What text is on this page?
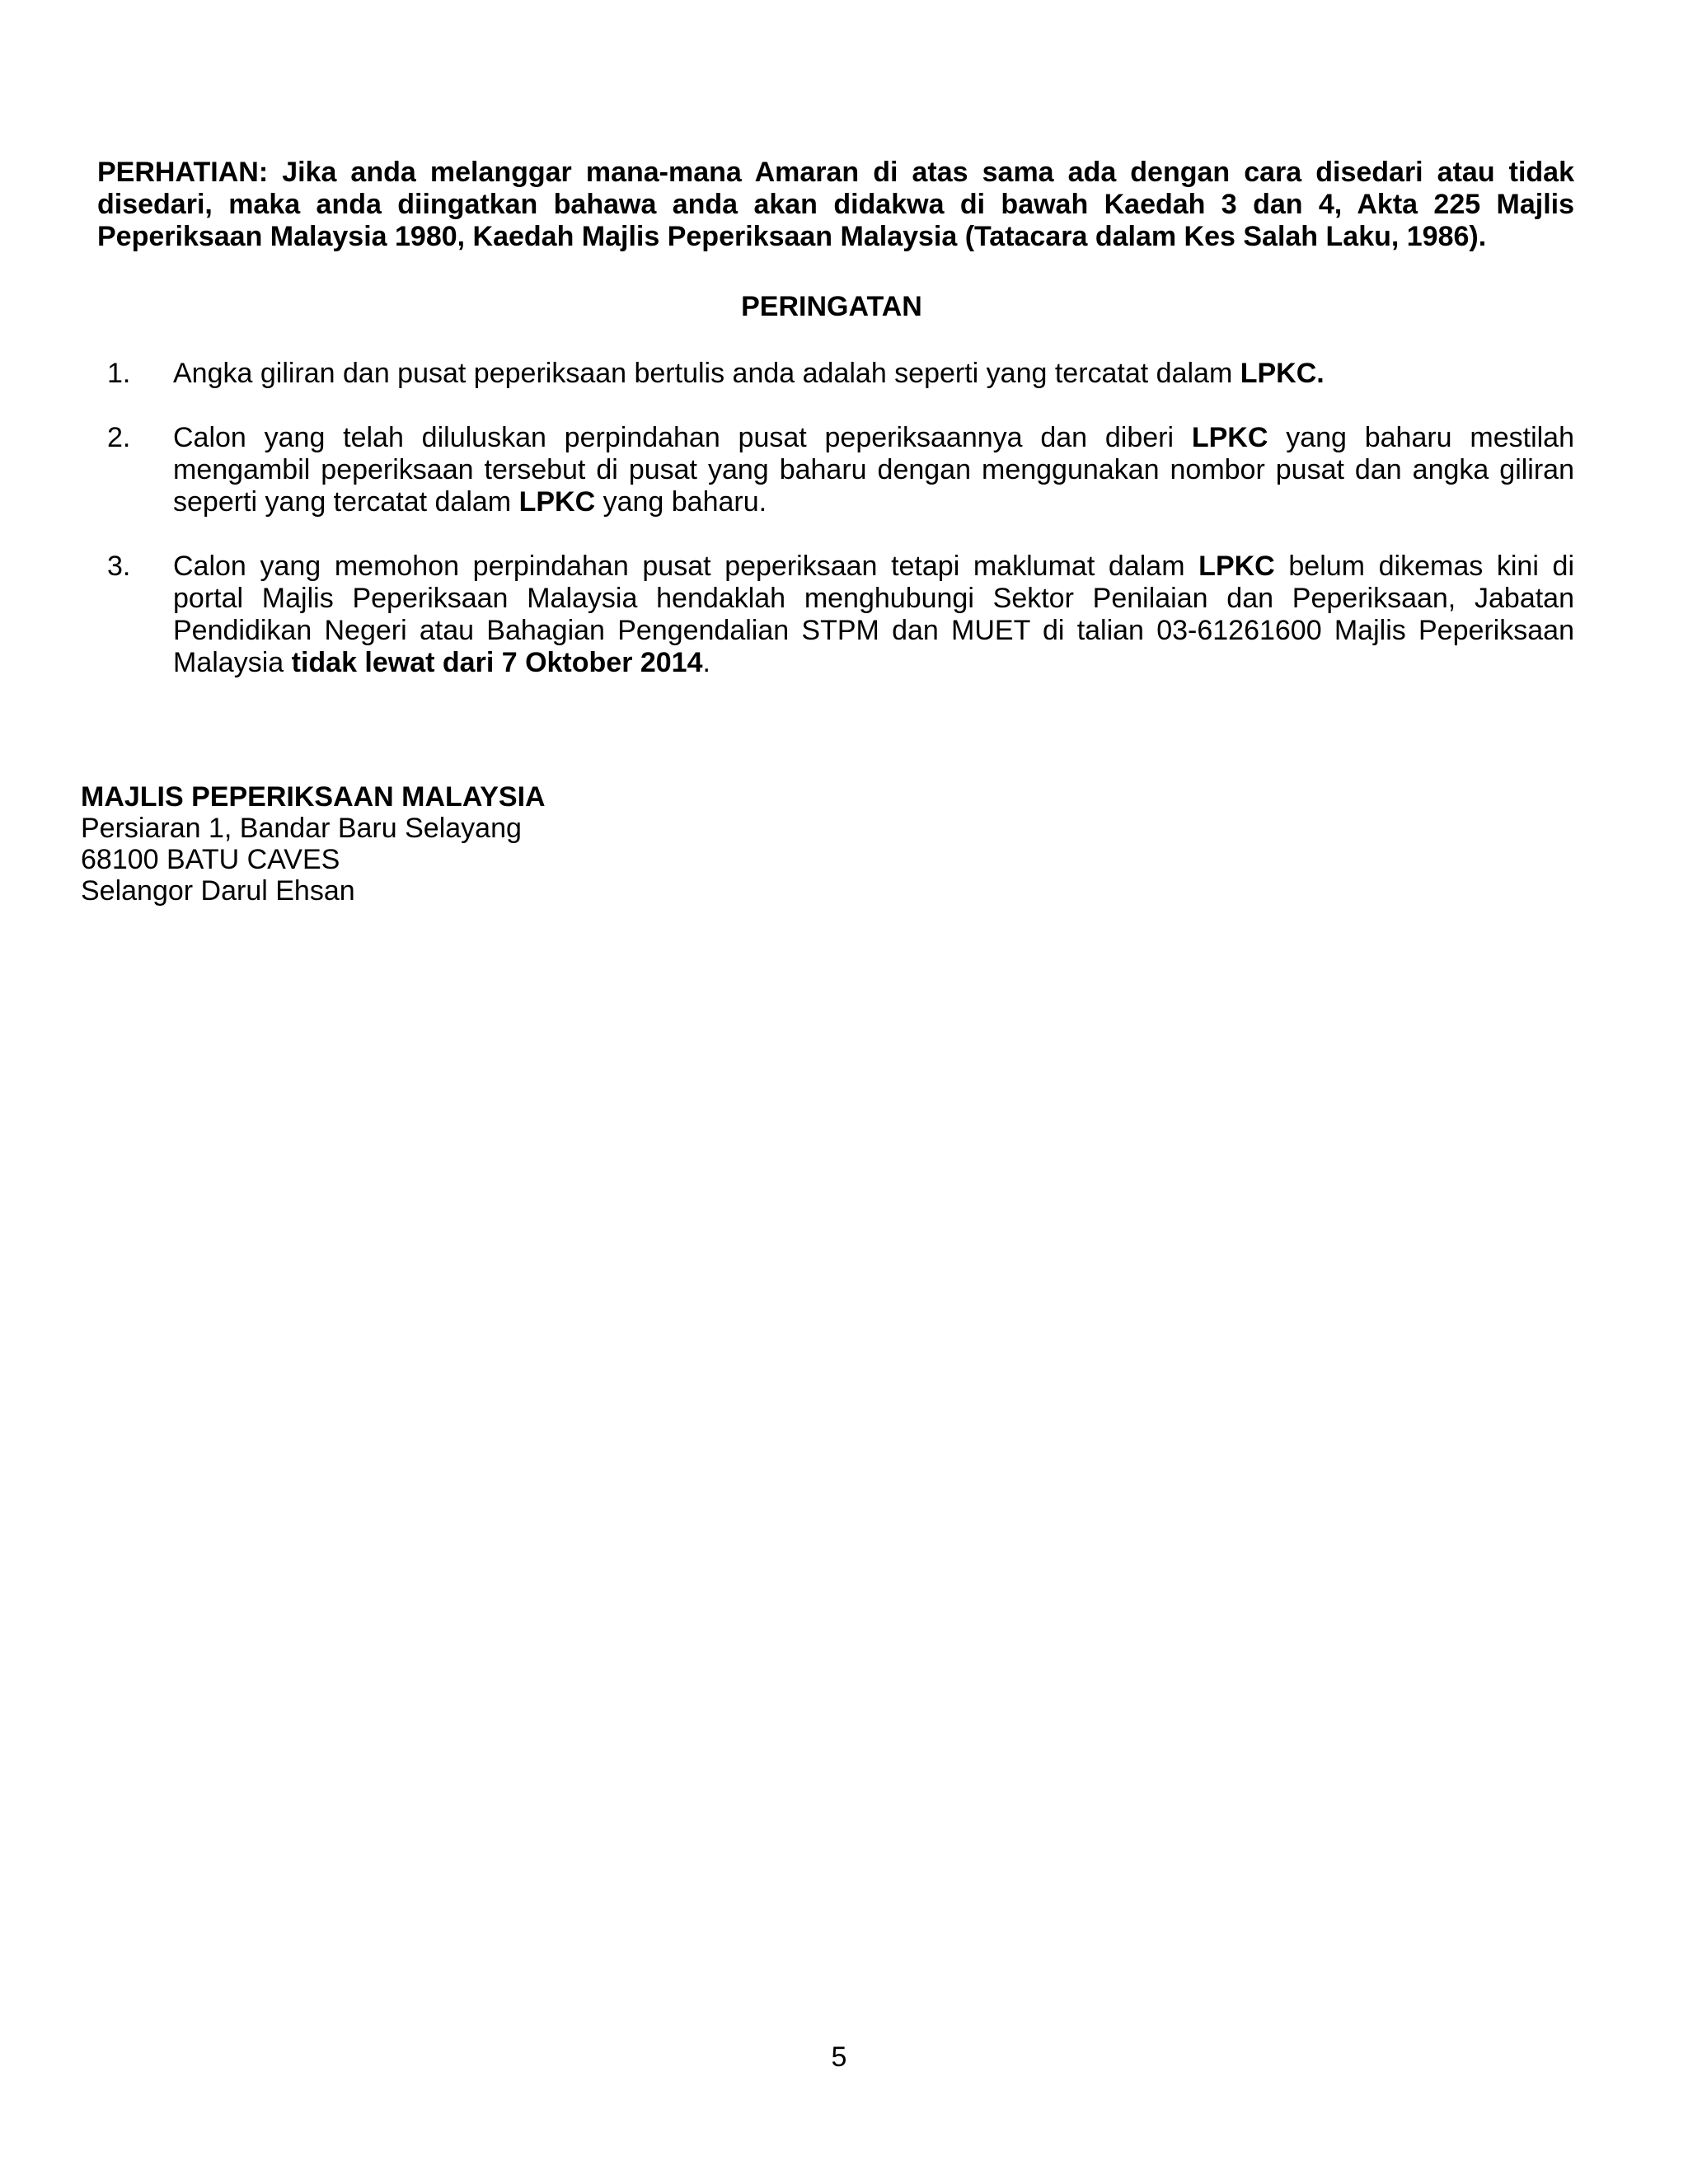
PERHATIAN: Jika anda melanggar mana-mana Amaran di atas sama ada dengan cara disedari atau tidak disedari, maka anda diingatkan bahawa anda akan didakwa di bawah Kaedah 3 dan 4, Akta 225 Majlis Peperiksaan Malaysia 1980, Kaedah Majlis Peperiksaan Malaysia (Tatacara dalam Kes Salah Laku, 1986).

PERINGATAN
1.	Angka giliran dan pusat peperiksaan bertulis anda adalah seperti yang tercatat dalam LPKC.
2.	Calon yang telah diluluskan perpindahan pusat peperiksaannya dan diberi LPKC yang baharu mestilah mengambil peperiksaan tersebut di pusat yang baharu dengan menggunakan nombor pusat dan angka giliran seperti yang tercatat dalam LPKC yang baharu.
3.	Calon yang memohon perpindahan pusat peperiksaan tetapi maklumat dalam LPKC belum dikemas kini di portal Majlis Peperiksaan Malaysia hendaklah menghubungi Sektor Penilaian dan Peperiksaan, Jabatan Pendidikan Negeri atau Bahagian Pengendalian STPM dan MUET di talian 03-61261600 Majlis Peperiksaan Malaysia tidak lewat dari 7 Oktober 2014.
MAJLIS PEPERIKSAAN MALAYSIA
Persiaran 1, Bandar Baru Selayang
68100 BATU CAVES
Selangor Darul Ehsan
5
